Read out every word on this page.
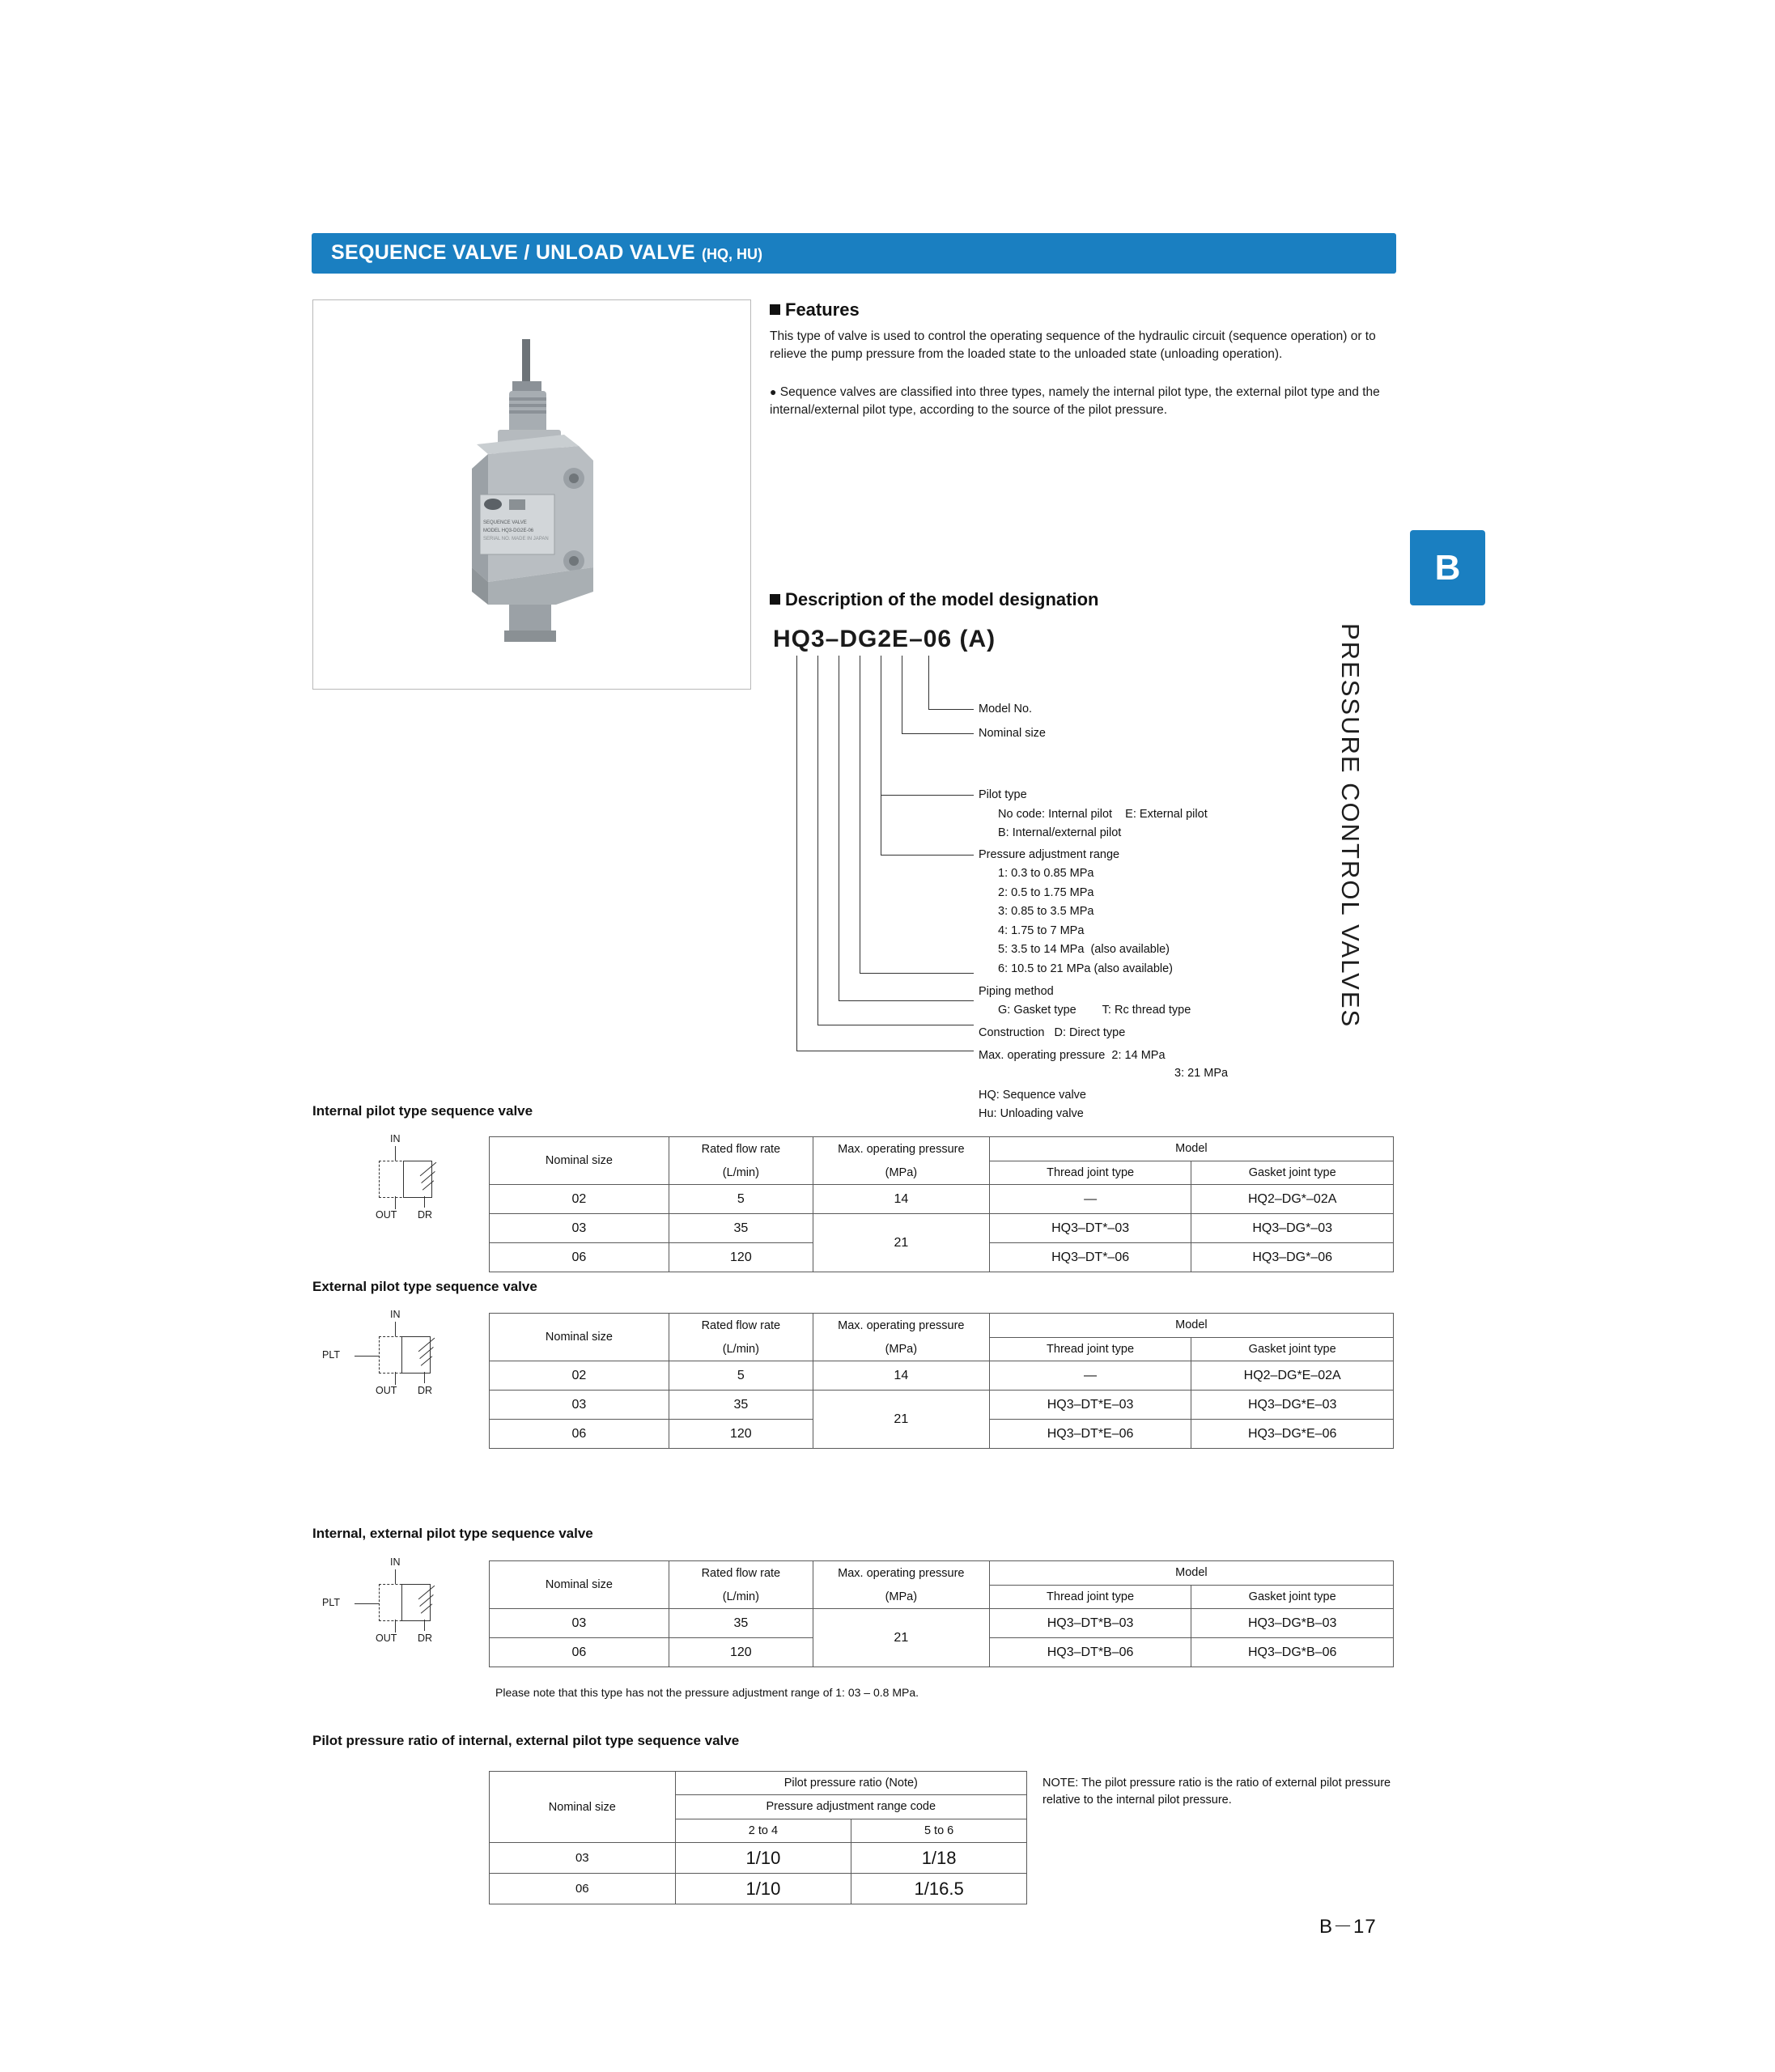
SEQUENCE VALVE / UNLOAD VALVE (HQ, HU)
B
PRESSURE CONTROL VALVES
SEQUENCE VALVE
MODEL HQ3-DG2E-06
SERIAL NO. MADE IN JAPAN
Features
This type of valve is used to control the operating sequence of the hydraulic circuit (sequence operation) or to relieve the pump pressure from the loaded state to the unloaded state (unloading operation).
● Sequence valves are classified into three types, namely the internal pilot type, the external pilot type and the internal/external pilot type, according to the source of the pilot pressure.
Description of the model designation
HQ3–DG2E–06 (A)
Model No.
Nominal size
Pilot type
No code: Internal pilot    E: External pilot
B: Internal/external pilot
Pressure adjustment range
1: 0.3 to 0.85 MPa
2: 0.5 to 1.75 MPa
3: 0.85 to 3.5 MPa
4: 1.75 to 7 MPa
5: 3.5 to 14 MPa  (also available)
6: 10.5 to 21 MPa (also available)
Piping method
G: Gasket type        T: Rc thread type
Construction   D: Direct type
Max. operating pressure  2: 14 MPa
3: 21 MPa
HQ: Sequence valve
Hu: Unloading valve
Internal pilot type sequence valve
IN
OUT DR
Nominal size	Rated flow rate	Max. operating pressure	Model	
	(L/min)	(MPa)	Thread joint type	Gasket joint type
02	5	14	—	HQ2–DG*–02A
03	35	21	HQ3–DT*–03	HQ3–DG*–03
06	120		HQ3–DT*–06	HQ3–DG*–06
External pilot type sequence valve
IN
PLT
OUT DR
Nominal size	Rated flow rate	Max. operating pressure	Model	
	(L/min)	(MPa)	Thread joint type	Gasket joint type
02	5	14	—	HQ2–DG*E–02A
03	35	21	HQ3–DT*E–03	HQ3–DG*E–03
06	120		HQ3–DT*E–06	HQ3–DG*E–06
Internal, external pilot type sequence valve
IN
PLT
OUT DR
Nominal size	Rated flow rate	Max. operating pressure	Model	
	(L/min)	(MPa)	Thread joint type	Gasket joint type
03	35	21	HQ3–DT*B–03	HQ3–DG*B–03
06	120		HQ3–DT*B–06	HQ3–DG*B–06
Please note that this type has not the pressure adjustment range of 1: 03 – 0.8 MPa.
Pilot pressure ratio of internal, external pilot type sequence valve
Nominal size	Pilot pressure ratio (Note)	
	Pressure adjustment range code	
	2 to 4	5 to 6
03	1/10	1/18
06	1/10	1/16.5
NOTE: The pilot pressure ratio is the ratio of external pilot pressure relative to the internal pilot pressure.
B－17
